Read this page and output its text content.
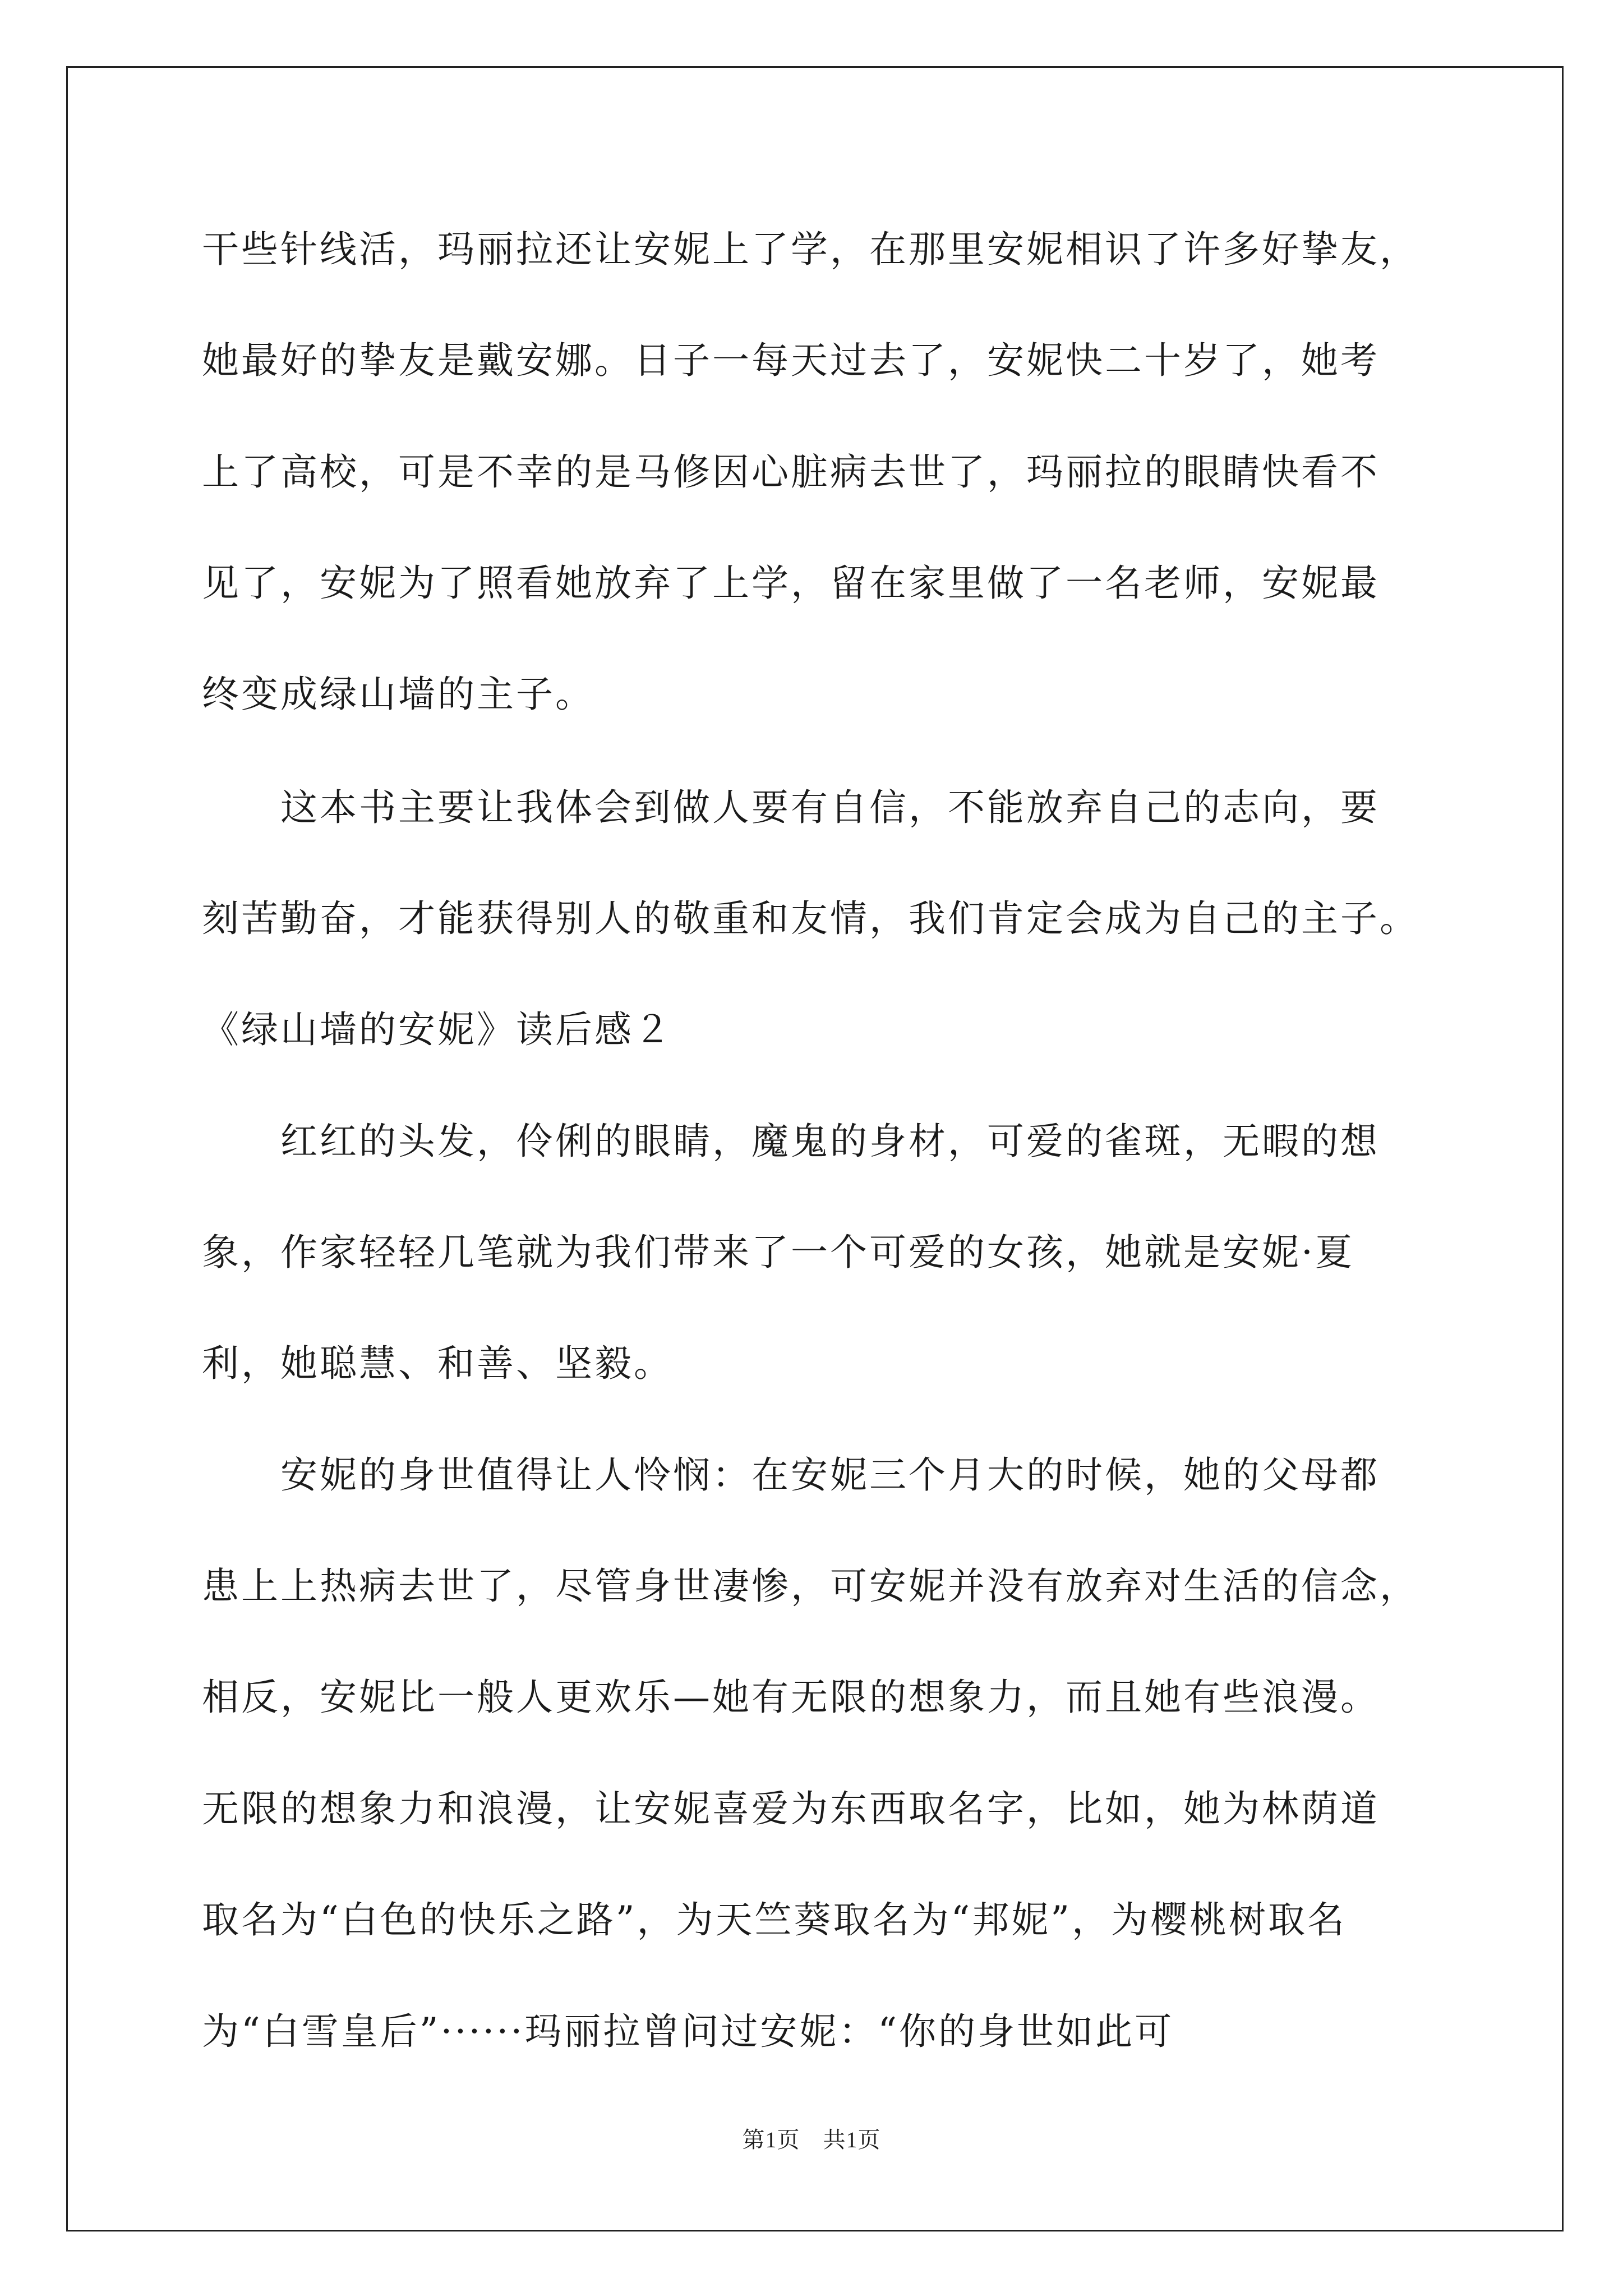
干些针线活，玛丽拉还让安妮上了学，在那里安妮相识了许多好挚友，
她最好的挚友是戴安娜。日子一每天过去了，安妮快二十岁了，她考
上了高校，可是不幸的是马修因心脏病去世了，玛丽拉的眼睛快看不
见了，安妮为了照看她放弃了上学，留在家里做了一名老师，安妮最
终变成绿山墙的主子。
　　这本书主要让我体会到做人要有自信，不能放弃自己的志向，要
刻苦勤奋，才能获得别人的敬重和友情，我们肯定会成为自己的主子。
《绿山墙的安妮》读后感２
　　红红的头发，伶俐的眼睛，魔鬼的身材，可爱的雀斑，无暇的想
象，作家轻轻几笔就为我们带来了一个可爱的女孩，她就是安妮·夏
利，她聪慧、和善、坚毅。
　　安妮的身世值得让人怜悯：在安妮三个月大的时候，她的父母都
患上上热病去世了，尽管身世凄惨，可安妮并没有放弃对生活的信念，
相反，安妮比一般人更欢乐—她有无限的想象力，而且她有些浪漫。
无限的想象力和浪漫，让安妮喜爱为东西取名字，比如，她为林荫道
取名为“白色的快乐之路”，为天竺葵取名为“邦妮”，为樱桃树取名
为“白雪皇后”······玛丽拉曾问过安妮：“你的身世如此可
第1页　共1页
